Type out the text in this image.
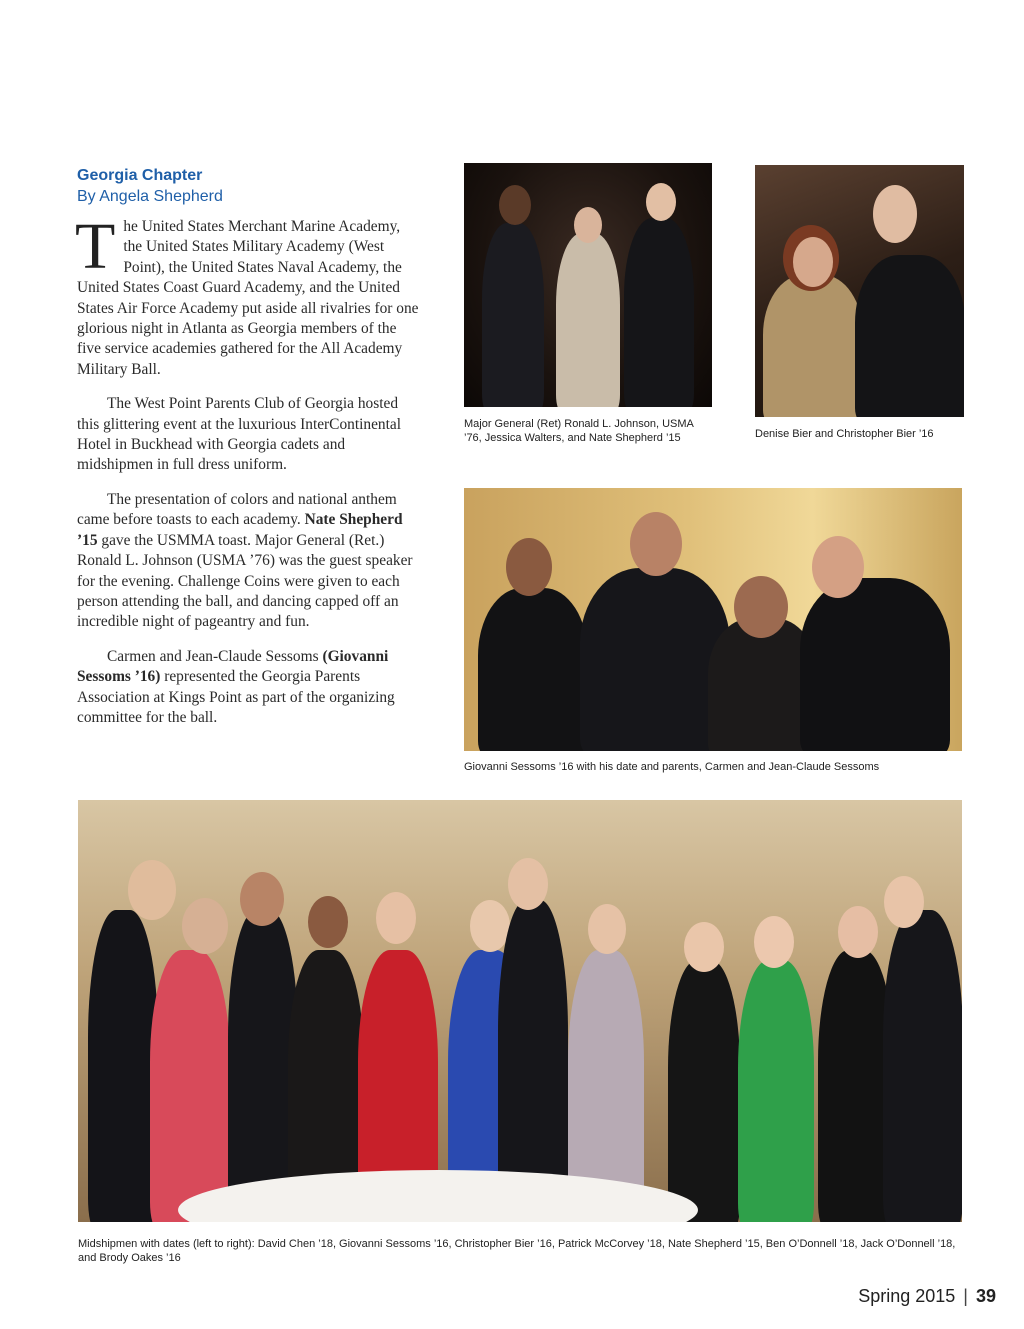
Georgia Chapter
By Angela Shepherd

The United States Merchant Marine Academy, the United States Military Academy (West Point), the United States Naval Academy, the United States Coast Guard Academy, and the United States Air Force Academy put aside all rivalries for one glorious night in Atlanta as Georgia members of the five service academies gathered for the All Academy Military Ball.

The West Point Parents Club of Georgia hosted this glittering event at the luxurious InterContinental Hotel in Buckhead with Georgia cadets and midshipmen in full dress uniform.

The presentation of colors and national anthem came before toasts to each academy. Nate Shepherd ’15 gave the USMMA toast. Major General (Ret.) Ronald L. Johnson (USMA ’76) was the guest speaker for the evening. Challenge Coins were given to each person attending the ball, and dancing capped off an incredible night of pageantry and fun.

Carmen and Jean-Claude Sessoms (Giovanni Sessoms ’16) represented the Georgia Parents Association at Kings Point as part of the organizing committee for the ball.

Major General (Ret) Ronald L. Johnson, USMA ’76, Jessica Walters, and Nate Shepherd ’15	Denise Bier and Christopher Bier ’16
Giovanni Sessoms ’16 with his date and parents, Carmen and Jean-Claude Sessoms
Midshipmen with dates (left to right): David Chen ’18, Giovanni Sessoms ’16, Christopher Bier ’16, Patrick McCorvey ’18, Nate Shepherd ’15, Ben O’Donnell ’18, Jack O’Donnell ’18, and Brody Oakes ’16
Spring 2015 | 39
